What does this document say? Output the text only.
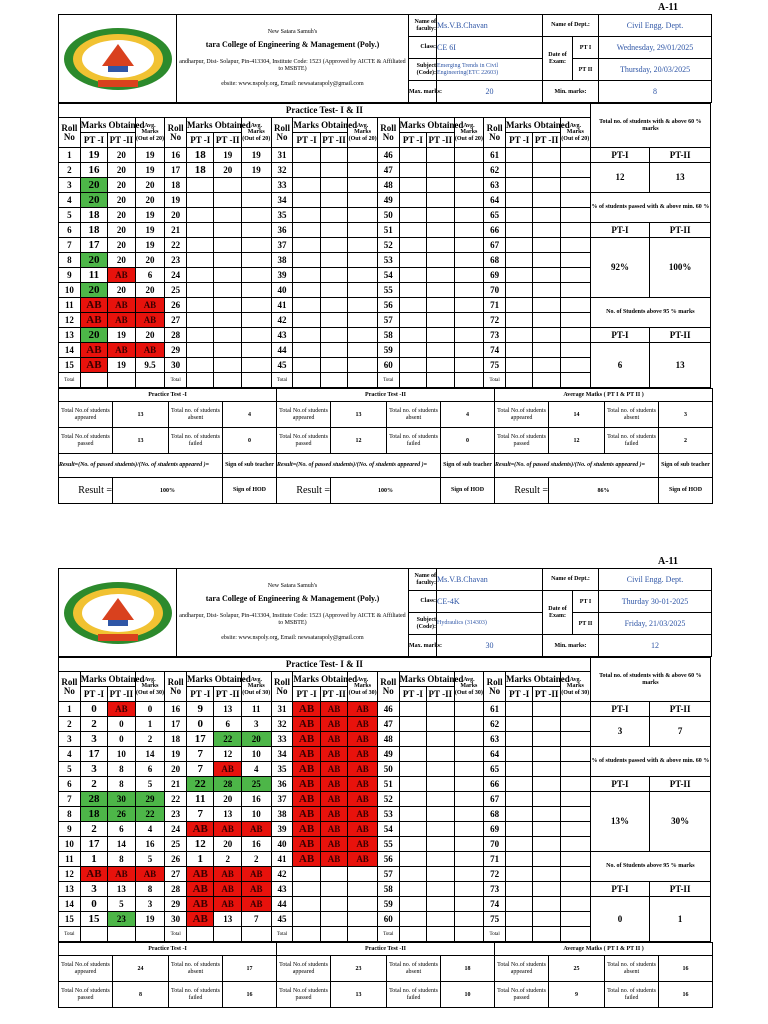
A-11

New Satara Samuh's
tara College of Engineering & Management (Poly.)
andharpur, Dist- Solapur, Pin-413304, Institute Code: 1523 (Approved by AICTE & Affiliated to MSBTE)
ebsite: www.nspoly.org, Email: newsatarapoly@gmail.com	Name of faculty:	Ms.V.B.Chavan	Name of Dept.:		Civil Engg. Dept.
		Class:	CE 6I	Date of Exam:	PT I	Wednesday, 29/01/2025
		Subject (Code):	Emerging Trends in Civil Engineering(ETC 22603)		PT II	Thursday, 20/03/2025
		Max. marks:	20	Min. marks:		8
Practice Test- I & II																				Total no. of students with & above 60 % marks	
Roll No	Marks Obtained		Avg. Marks (Out of 20)	Roll No	Marks Obtained		Avg. Marks (Out of 20)	Roll No	Marks Obtained		Avg. Marks (Out of 20)	Roll No	Marks Obtained		Avg. Marks (Out of 20)	Roll No	Marks Obtained		Avg. Marks (Out of 20)		
	PT -I	PT -II			PT -I	PT -II			PT -I	PT -II			PT -I	PT -II			PT -I	PT -II			
1	19	20	19	16	18	19	19	31				46				61				PT-I	PT-II
2	16	20	19	17	18	20	19	32				47				62				12	13
3	20	20	20	18				33				48				63					
4	20	20	20	19				34				49				64				% of students passed with & above min. 60 %	
5	18	20	19	20				35				50				65					
6	18	20	19	21				36				51				66				PT-I	PT-II
7	17	20	19	22				37				52				67				92%	100%
8	20	20	20	23				38				53				68					
9	11	AB	6	24				39				54				69					
10	20	20	20	25				40				55				70					
11	AB	AB	AB	26				41				56				71				No. of Students above 95 % marks	
12	AB	AB	AB	27				42				57				72					
13	20	19	20	28				43				58				73				PT-I	PT-II
14	AB	AB	AB	29				44				59				74				6	13
15	AB	19	9.5	30				45				60				75					
Total				Total				Total				Total				Total					
Practice Test -I				Practice Test -II				Average Matks ( PT I & PT II )				
Total No.of students appeared	13	Total no. of students absent	4	Total No.of students appeared	13	Total no. of students absent	4	Total No.of students appeared	14	Total no. of students absent	3	
Total No.of students passed	13	Total no. of students failed	0	Total No.of students passed	12	Total no. of students failed	0	Total No.of students passed	12	Total no. of students failed	2	
Result=(No. of passed students)/(No. of students appeared )=			Sign of sub teacher	Result=(No. of passed students)/(No. of students appeared )=			Sign of sub teacher	Result=(No. of passed students)/(No. of students appeared )=			Sign of sub teacher	
Result =	100%		Sign of HOD	Result =	100%		Sign of HOD	Result =	86%		Sign of HOD	
A-11

New Satara Samuh's
tara College of Engineering & Management (Poly.)
andharpur, Dist- Solapur, Pin-413304, Institute Code: 1523 (Approved by AICTE & Affiliated to MSBTE)
ebsite: www.nspoly.org, Email: newsatarapoly@gmail.com	Name of faculty:	Ms.V.B.Chavan	Name of Dept.:		Civil Engg. Dept.
		Class:	CE-4K	Date of Exam:	PT I	Thurday 30-01-2025
		Subject (Code):	Hydraulics (314303)		PT II	Friday, 21/03/2025
		Max. marks:	30	Min. marks:		12
Practice Test- I & II																				Total no. of students with & above 60 % marks	
Roll No	Marks Obtained		Avg. Marks (Out of 30)	Roll No	Marks Obtained		Avg. Marks (Out of 30)	Roll No	Marks Obtained		Avg. Marks (Out of 30)	Roll No	Marks Obtained		Avg. Marks (Out of 30)	Roll No	Marks Obtained		Avg. Marks (Out of 30)		
	PT -I	PT -II			PT -I	PT -II			PT -I	PT -II			PT -I	PT -II			PT -I	PT -II			
1	0	AB	0	16	9	13	11	31	AB	AB	AB	46				61				PT-I	PT-II
2	2	0	1	17	0	6	3	32	AB	AB	AB	47				62				3	7
3	3	0	2	18	17	22	20	33	AB	AB	AB	48				63					
4	17	10	14	19	7	12	10	34	AB	AB	AB	49				64				% of students passed with & above min. 60 %	
5	3	8	6	20	7	AB	4	35	AB	AB	AB	50				65					
6	2	8	5	21	22	28	25	36	AB	AB	AB	51				66				PT-I	PT-II
7	28	30	29	22	11	20	16	37	AB	AB	AB	52				67				13%	30%
8	18	26	22	23	7	13	10	38	AB	AB	AB	53				68					
9	2	6	4	24	AB	AB	AB	39	AB	AB	AB	54				69					
10	17	14	16	25	12	20	16	40	AB	AB	AB	55				70					
11	1	8	5	26	1	2	2	41	AB	AB	AB	56				71				No. of Students above 95 % marks	
12	AB	AB	AB	27	AB	AB	AB	42				57				72					
13	3	13	8	28	AB	AB	AB	43				58				73				PT-I	PT-II
14	0	5	3	29	AB	AB	AB	44				59				74				0	1
15	15	23	19	30	AB	13	7	45				60				75					
Total				Total				Total				Total				Total					
Practice Test -I				Practice Test -II				Average Matks ( PT I & PT II )				
Total No.of students appeared	24	Total no. of students absent	17	Total No.of students appeared	23	Total no. of students absent	18	Total No.of students appeared	25	Total no. of students absent	16	
Total No.of students passed	8	Total no. of students failed	16	Total No.of students passed	13	Total no. of students failed	10	Total No.of students passed	9	Total no. of students failed	16	
